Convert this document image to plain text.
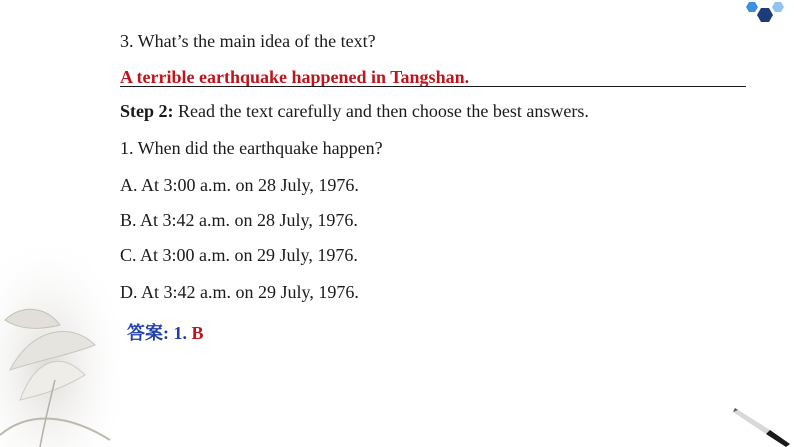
3. What’s the main idea of the text?
A terrible earthquake happened in Tangshan.
Step 2: Read the text carefully and then choose the best answers.
1. When did the earthquake happen?
A. At 3:00 a.m. on 28 July, 1976.
B. At 3:42 a.m. on 28 July, 1976.
C. At 3:00 a.m. on 29 July, 1976.
D. At 3:42 a.m. on 29 July, 1976.
答案: 1. B
